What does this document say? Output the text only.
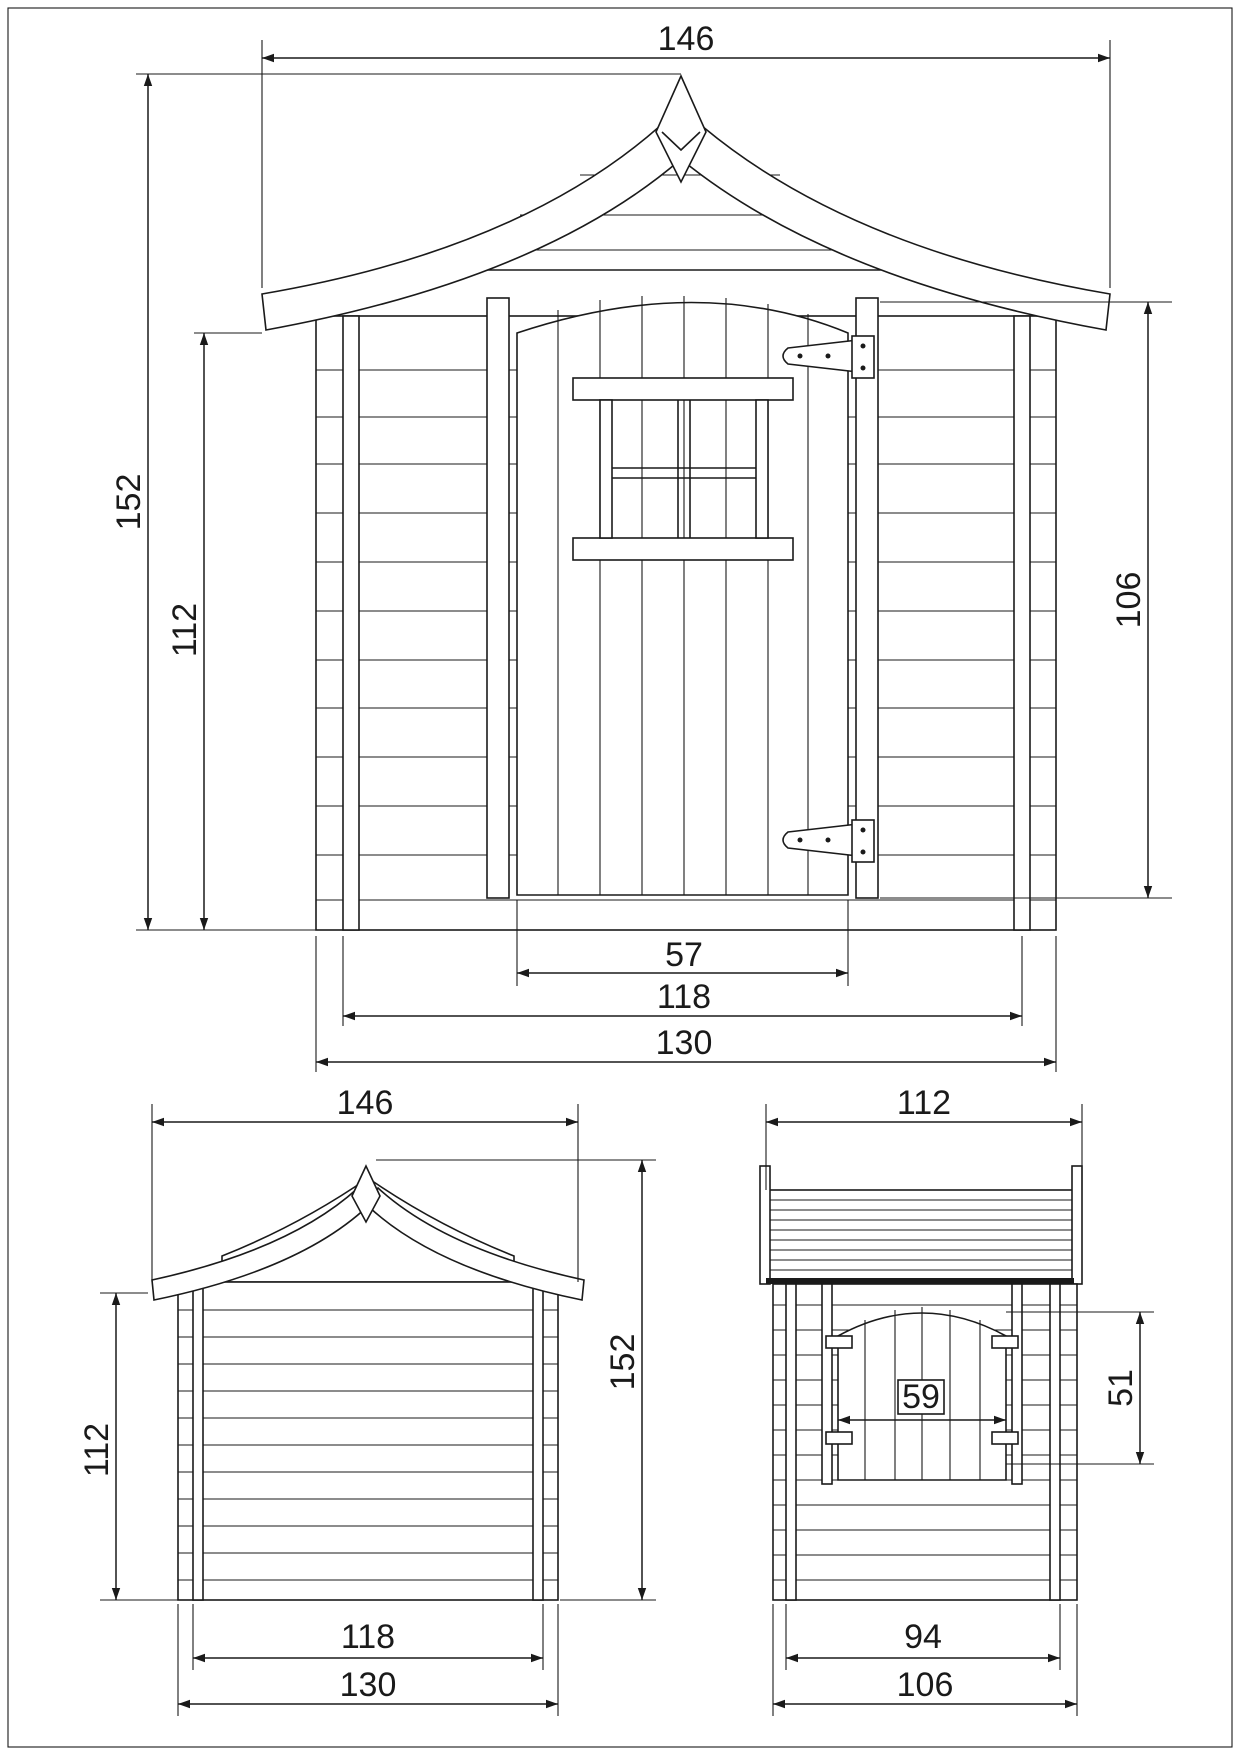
146
152
112
106
57
118
130
146
152
112
118
130
112
51
59
94
106
